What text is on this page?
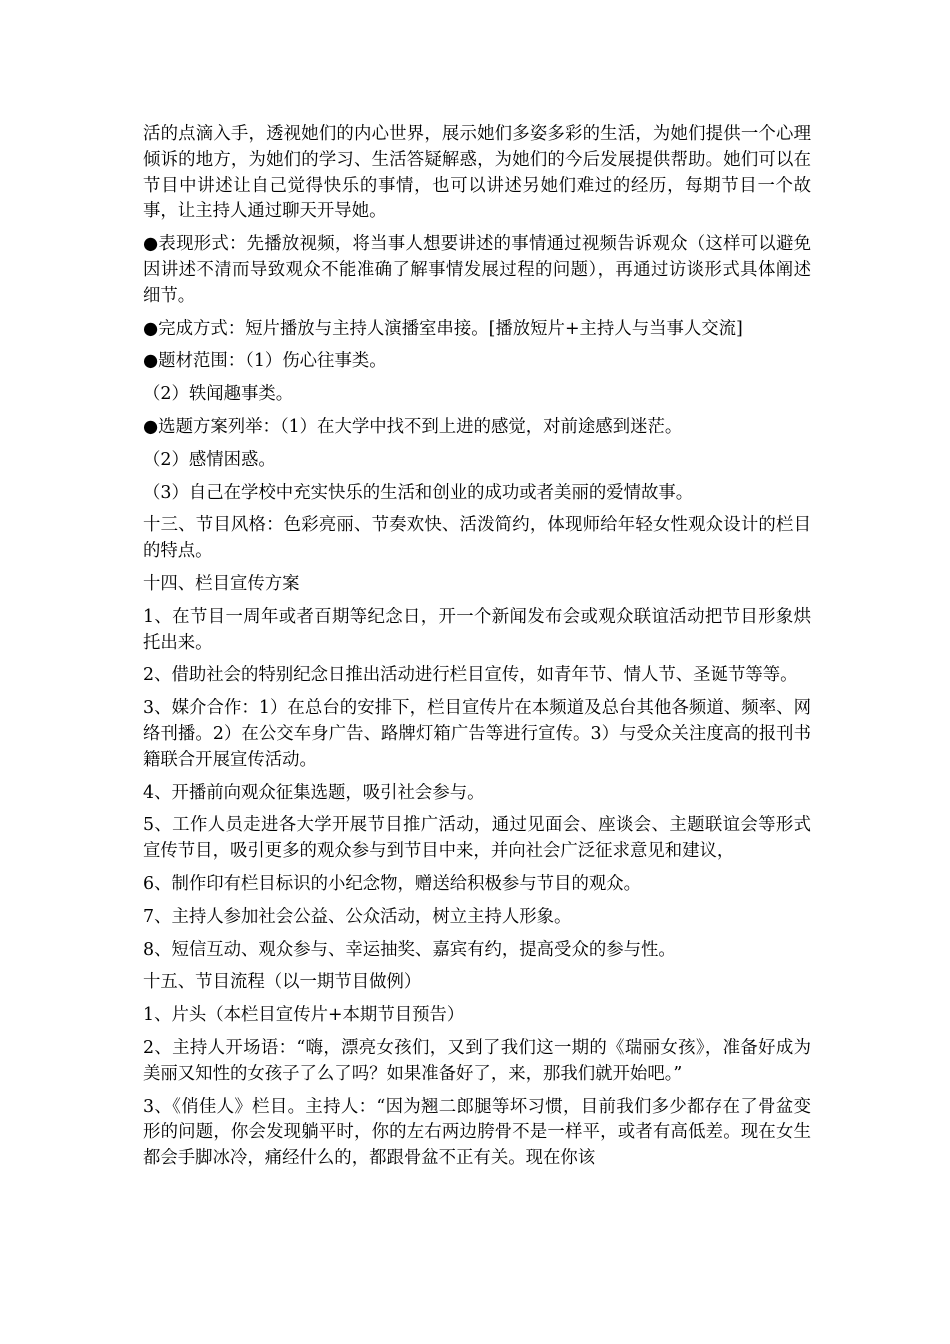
活的点滴入手，透视她们的内心世界，展示她们多姿多彩的生活，为她们提供一个心理倾诉的地方，为她们的学习、生活答疑解惑，为她们的今后发展提供帮助。她们可以在节目中讲述让自己觉得快乐的事情，也可以讲述另她们难过的经历，每期节目一个故事，让主持人通过聊天开导她。

●表现形式：先播放视频，将当事人想要讲述的事情通过视频告诉观众（这样可以避免因讲述不清而导致观众不能准确了解事情发展过程的问题），再通过访谈形式具体阐述细节。

●完成方式：短片播放与主持人演播室串接。[播放短片+主持人与当事人交流]

●题材范围：（1）伤心往事类。

（2）轶闻趣事类。

●选题方案列举：（1）在大学中找不到上进的感觉，对前途感到迷茫。

（2）感情困惑。

（3）自己在学校中充实快乐的生活和创业的成功或者美丽的爱情故事。

十三、节目风格：色彩亮丽、节奏欢快、活泼简约，体现师给年轻女性观众设计的栏目的特点。

十四、栏目宣传方案

1、在节目一周年或者百期等纪念日，开一个新闻发布会或观众联谊活动把节目形象烘托出来。

2、借助社会的特别纪念日推出活动进行栏目宣传，如青年节、情人节、圣诞节等等。

3、媒介合作：1）在总台的安排下，栏目宣传片在本频道及总台其他各频道、频率、网络刊播。2）在公交车身广告、路牌灯箱广告等进行宣传。3）与受众关注度高的报刊书籍联合开展宣传活动。

4、开播前向观众征集选题，吸引社会参与。

5、工作人员走进各大学开展节目推广活动，通过见面会、座谈会、主题联谊会等形式宣传节目，吸引更多的观众参与到节目中来，并向社会广泛征求意见和建议，

6、制作印有栏目标识的小纪念物，赠送给积极参与节目的观众。

7、主持人参加社会公益、公众活动，树立主持人形象。

8、短信互动、观众参与、幸运抽奖、嘉宾有约，提高受众的参与性。

十五、节目流程（以一期节目做例）

1、片头（本栏目宣传片+本期节目预告）

2、主持人开场语：“嗨，漂亮女孩们，又到了我们这一期的《瑞丽女孩》，准备好成为美丽又知性的女孩子了么了吗？如果准备好了，来，那我们就开始吧。”

3、《俏佳人》栏目。主持人：“因为翘二郎腿等坏习惯，目前我们多少都存在了骨盆变形的问题，你会发现躺平时，你的左右两边胯骨不是一样平，或者有高低差。现在女生都会手脚冰冷，痛经什么的，都跟骨盆不正有关。现在你该
